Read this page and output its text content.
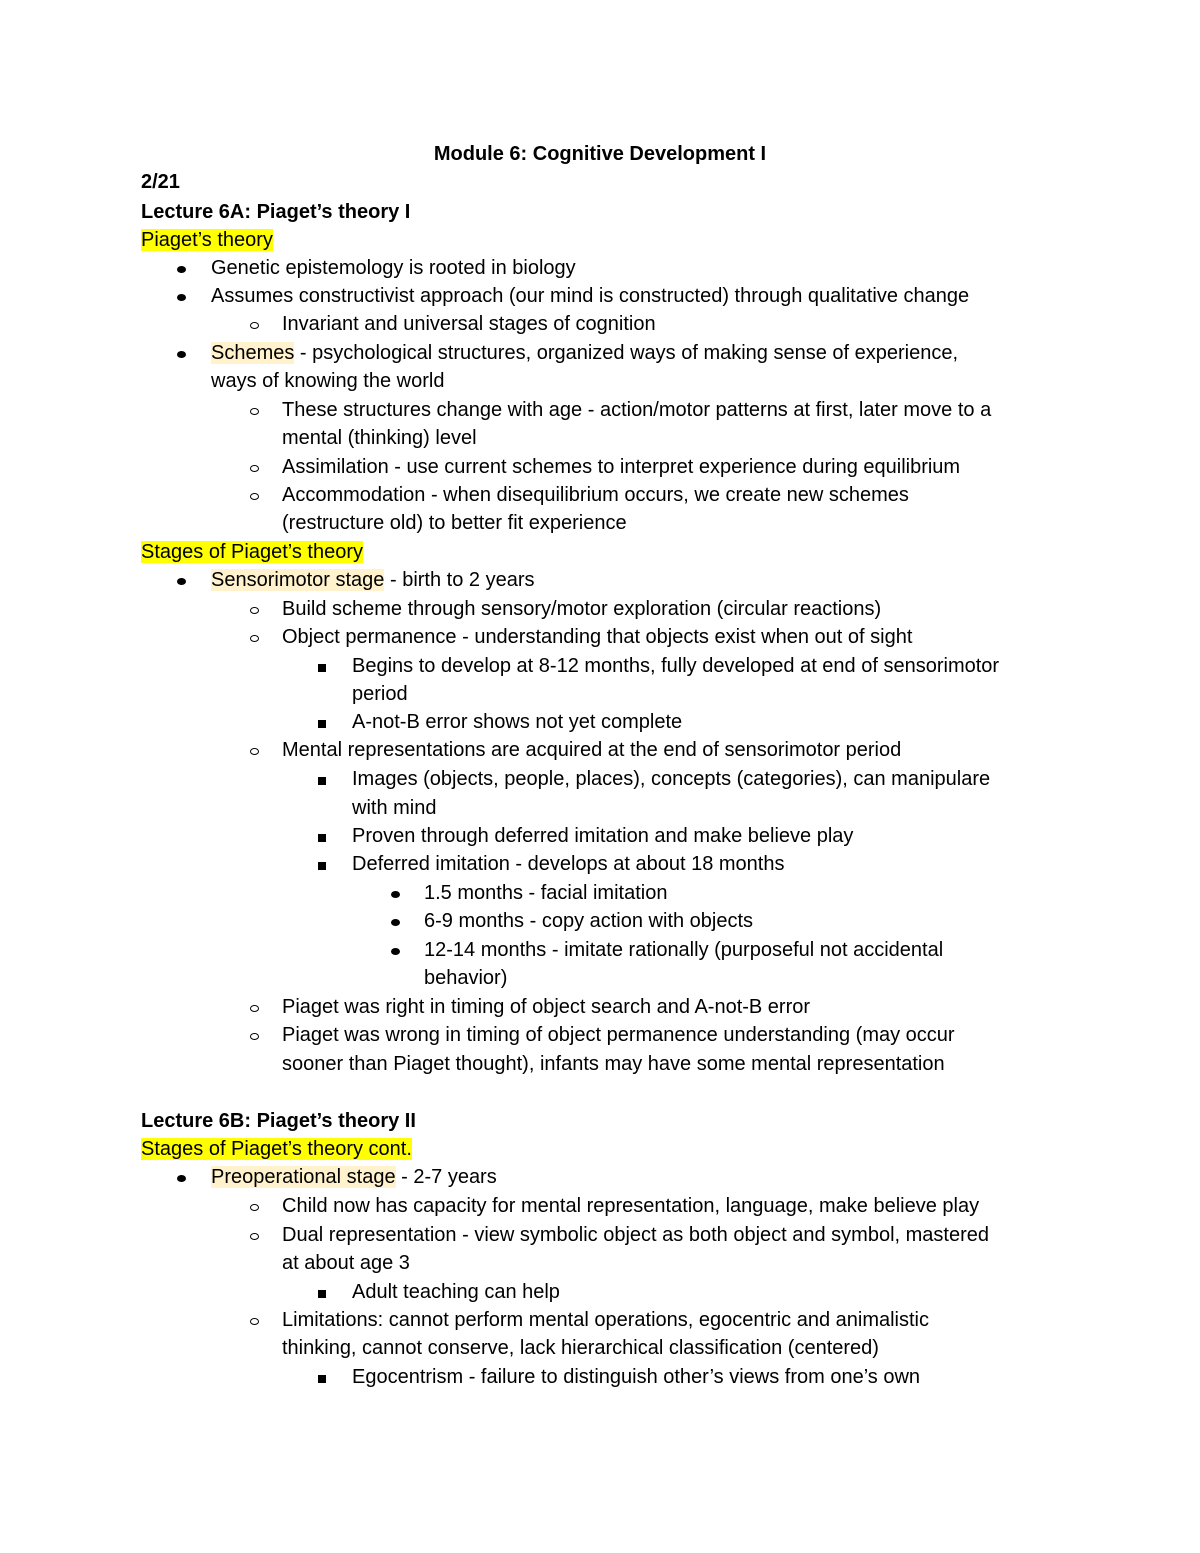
Module 6: Cognitive Development I
2/21
Lecture 6A: Piaget’s theory I
Piaget’s theory
Genetic epistemology is rooted in biology
Assumes constructivist approach (our mind is constructed) through qualitative change
Invariant and universal stages of cognition
Schemes - psychological structures, organized ways of making sense of experience,
ways of knowing the world
These structures change with age - action/motor patterns at first, later move to a
mental (thinking) level
Assimilation - use current schemes to interpret experience during equilibrium
Accommodation - when disequilibrium occurs, we create new schemes
(restructure old) to better fit experience
Stages of Piaget’s theory
Sensorimotor stage - birth to 2 years
Build scheme through sensory/motor exploration (circular reactions)
Object permanence - understanding that objects exist when out of sight
Begins to develop at 8-12 months, fully developed at end of sensorimotor
period
A-not-B error shows not yet complete
Mental representations are acquired at the end of sensorimotor period
Images (objects, people, places), concepts (categories), can manipulare
with mind
Proven through deferred imitation and make believe play
Deferred imitation - develops at about 18 months
1.5 months - facial imitation
6-9 months - copy action with objects
12-14 months - imitate rationally (purposeful not accidental
behavior)
Piaget was right in timing of object search and A-not-B error
Piaget was wrong in timing of object permanence understanding (may occur
sooner than Piaget thought), infants may have some mental representation
Lecture 6B: Piaget’s theory II
Stages of Piaget’s theory cont.
Preoperational stage - 2-7 years
Child now has capacity for mental representation, language, make believe play
Dual representation - view symbolic object as both object and symbol, mastered
at about age 3
Adult teaching can help
Limitations: cannot perform mental operations, egocentric and animalistic
thinking, cannot conserve, lack hierarchical classification (centered)
Egocentrism - failure to distinguish other’s views from one’s own
